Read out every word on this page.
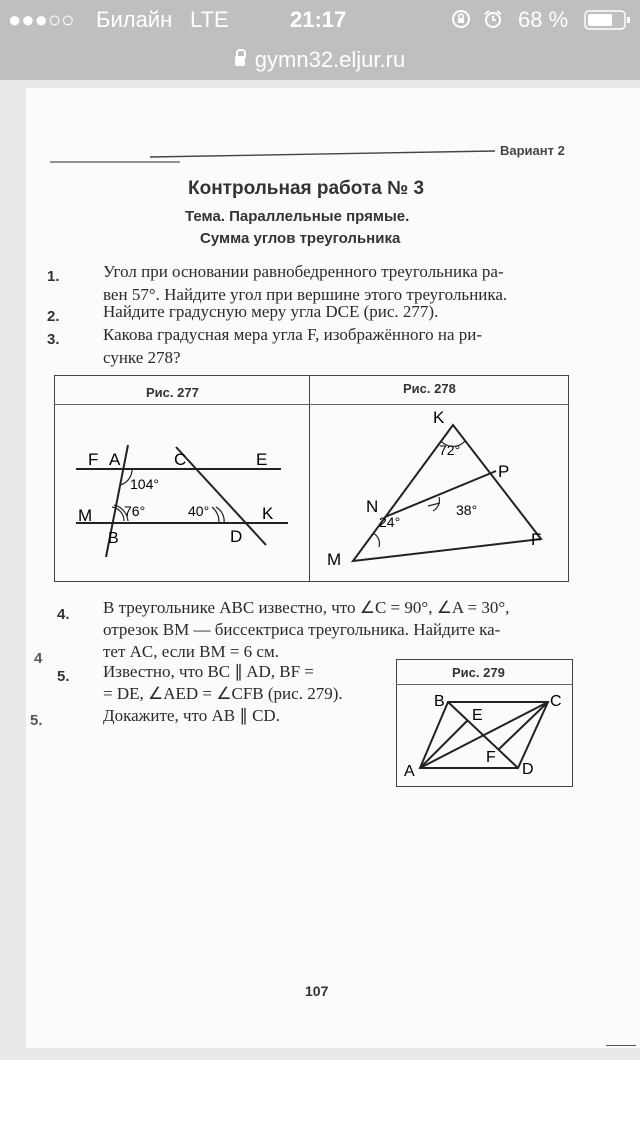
●●●○○ Билайн LTE	21:17	68 %
gymn32.eljur.ru
Вариант 2
Контрольная работа № 3
Тема. Параллельные прямые.
Сумма углов треугольника
1.	Угол при основании равнобедренного треугольника ра-
вен 57°. Найдите угол при вершине этого треугольника.
2.	Найдите градусную меру угла DCE (рис. 277).
3.	Какова градусная мера угла F, изображённого на ри-
сунке 278?
Рис. 277	Рис. 278
F A	C	E
M
B
K
D
104°
76°	40°
K
P
N
F
M
72°
24°
38°
4. В треугольнике ABC известно, что ∠C = 90°, ∠A = 30°,
отрезок BM — биссектриса треугольника. Найдите ка-
тет AC, если BM = 6 см.
4
5. Известно, что BC ∥ AD, BF =
= DE, ∠AED = ∠CFB (рис. 279).
Докажите, что AB ∥ CD.
5.
Рис. 279
B	C
E
F
A	D
107
